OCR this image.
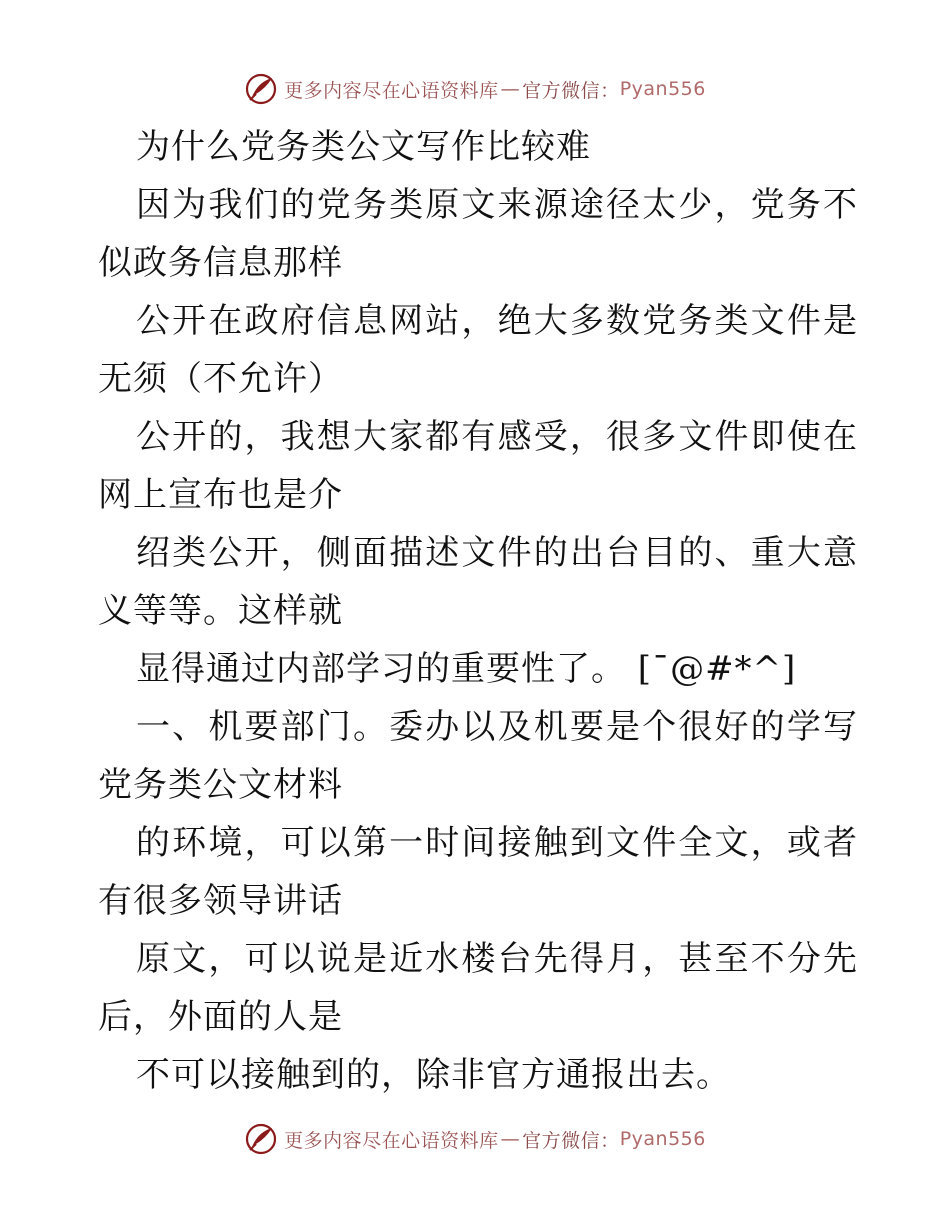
更多内容尽在心语资料库 — 官方微信： Pyan556

为什么党务类公文写作比较难

因为我们的党务类原文来源途径太少，党务不似政务信息那样

公开在政府信息网站，绝大多数党务类文件是无须（不允许）

公开的，我想大家都有感受，很多文件即使在网上宣布也是介

绍类公开，侧面描述文件的出台目的、重大意义等等。这样就

显得通过内部学习的重要性了。 [¯@#*^]

一、机要部门。委办以及机要是个很好的学写党务类公文材料

的环境，可以第一时间接触到文件全文，或者有很多领导讲话

原文，可以说是近水楼台先得月，甚至不分先后，外面的人是

不可以接触到的，除非官方通报出去。

更多内容尽在心语资料库 — 官方微信： Pyan556
